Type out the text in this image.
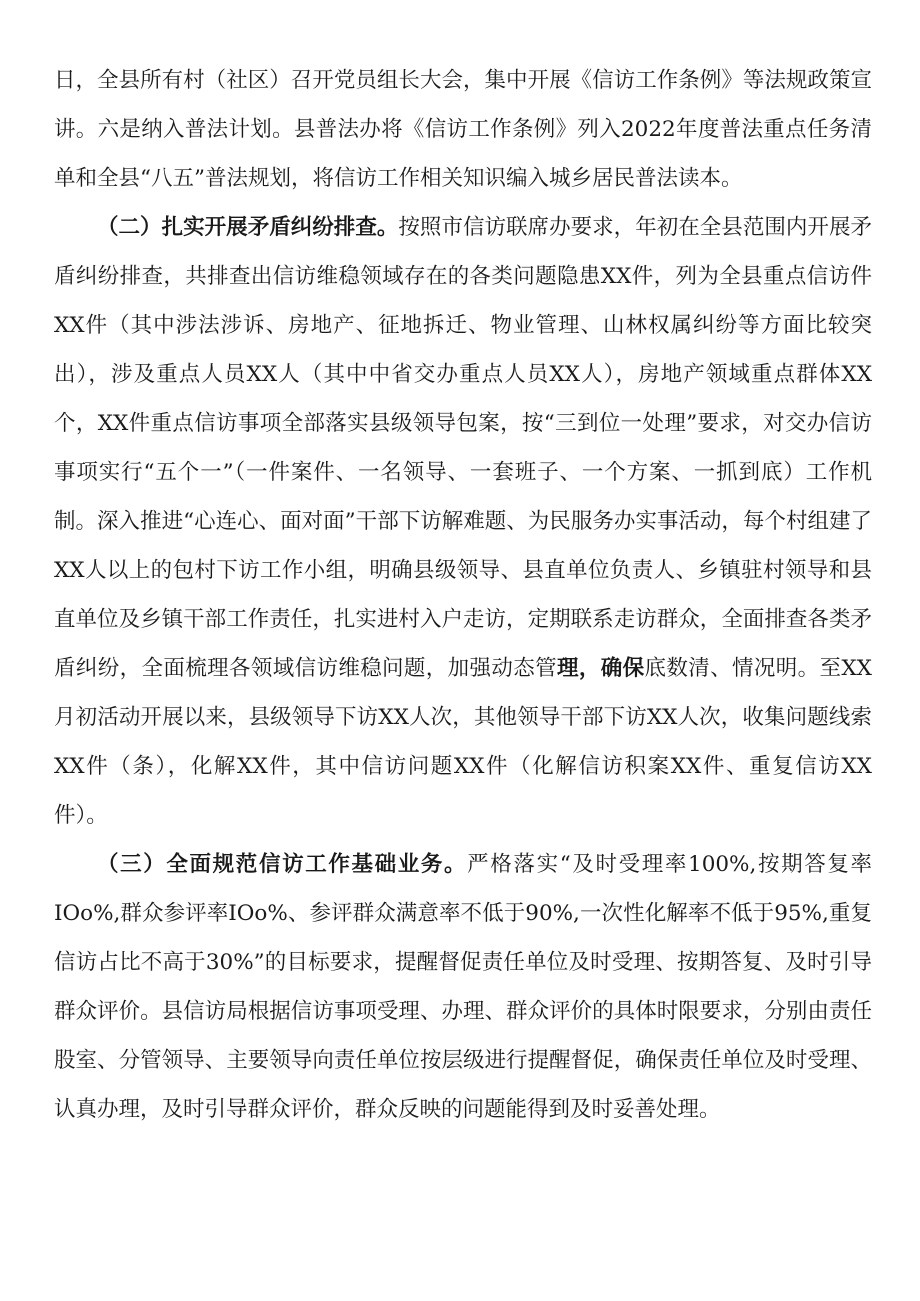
日，全县所有村（社区）召开党员组长大会，集中开展《信访工作条例》等法规政策宣讲。六是纳入普法计划。县普法办将《信访工作条例》列入2022年度普法重点任务清单和全县“八五”普法规划，将信访工作相关知识编入城乡居民普法读本。

（二）扎实开展矛盾纠纷排查。按照市信访联席办要求，年初在全县范围内开展矛盾纠纷排查，共排查出信访维稳领域存在的各类问题隐患XX件，列为全县重点信访件XX件（其中涉法涉诉、房地产、征地拆迁、物业管理、山林权属纠纷等方面比较突出），涉及重点人员XX人（其中中省交办重点人员XX人），房地产领域重点群体XX个，XX件重点信访事项全部落实县级领导包案，按“三到位一处理”要求，对交办信访事项实行“五个一”（一件案件、一名领导、一套班子、一个方案、一抓到底）工作机制。深入推进“心连心、面对面”干部下访解难题、为民服务办实事活动，每个村组建了XX人以上的包村下访工作小组，明确县级领导、县直单位负责人、乡镇驻村领导和县直单位及乡镇干部工作责任，扎实进村入户走访，定期联系走访群众，全面排查各类矛盾纠纷，全面梳理各领域信访维稳问题，加强动态管理，确保底数清、情况明。至XX月初活动开展以来，县级领导下访XX人次，其他领导干部下访XX人次，收集问题线索XX件（条），化解XX件，其中信访问题XX件（化解信访积案XX件、重复信访XX件）。

（三）全面规范信访工作基础业务。严格落实“及时受理率100%,按期答复率IOo%,群众参评率IOo%、参评群众满意率不低于90%,一次性化解率不低于95%,重复信访占比不高于30%”的目标要求，提醒督促责任单位及时受理、按期答复、及时引导群众评价。县信访局根据信访事项受理、办理、群众评价的具体时限要求，分别由责任股室、分管领导、主要领导向责任单位按层级进行提醒督促，确保责任单位及时受理、认真办理，及时引导群众评价，群众反映的问题能得到及时妥善处理。
